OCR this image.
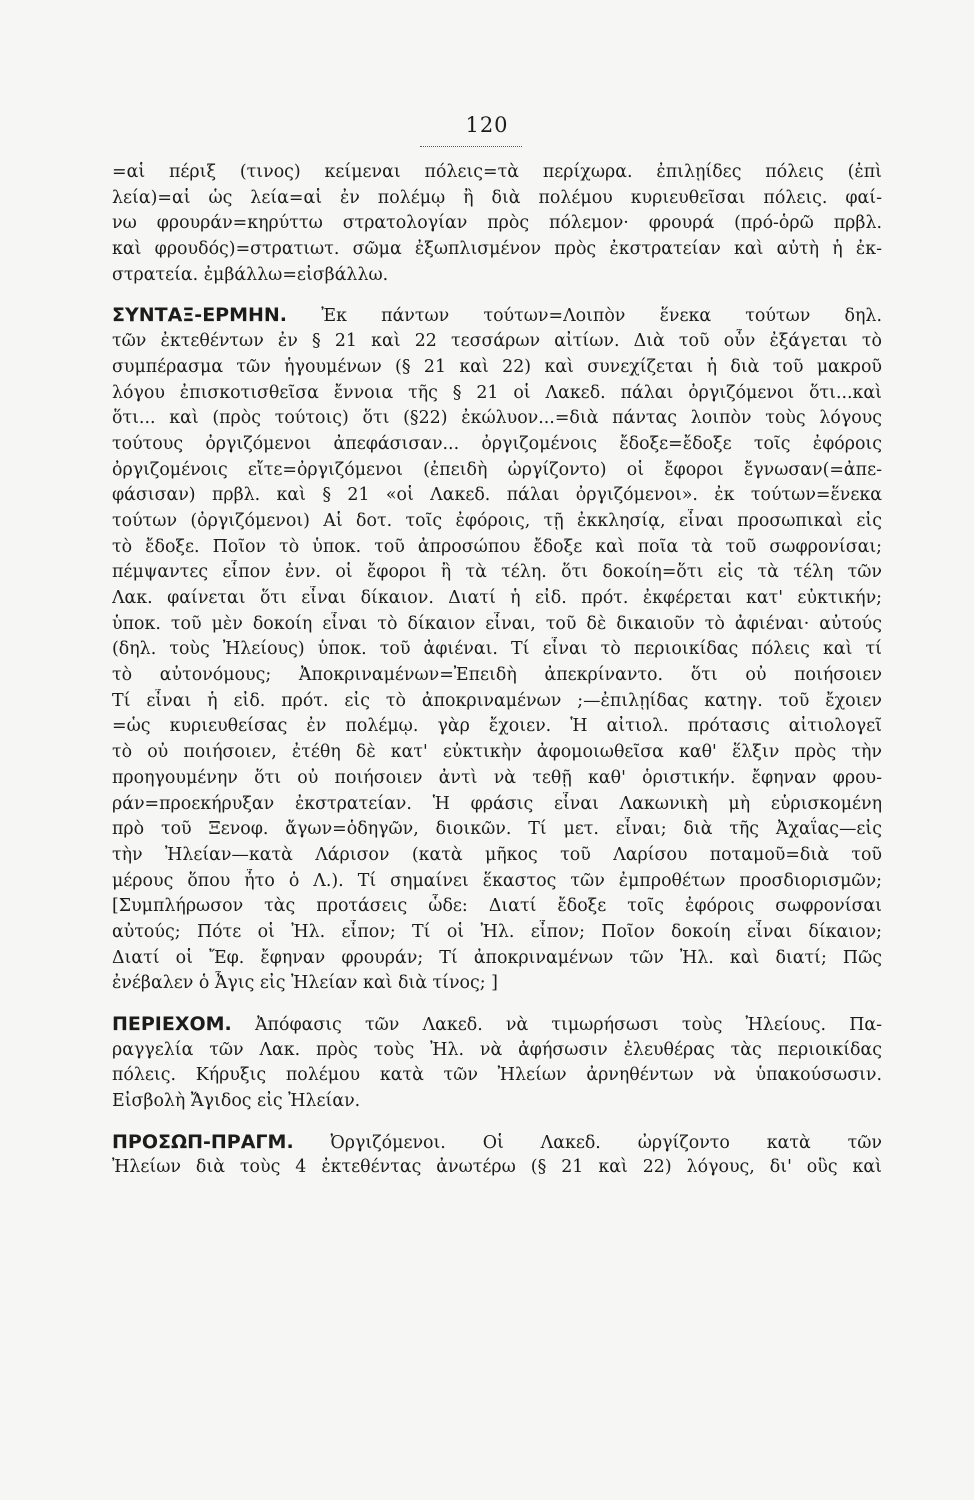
120
=αἱ πέριξ (τινος) κείμεναι πόλεις=τὰ περίχωρα. ἐπιλῃίδες πόλεις (ἐπὶ
λεία)=αἱ ὡς λεία=αἱ ἐν πολέμῳ ἢ διὰ πολέμου κυριευθεῖσαι πόλεις. φαί-
νω φρουράν=κηρύττω στρατολογίαν πρὸς πόλεμον· φρουρά (πρό-ὁρῶ πρβλ.
καὶ φρουδός)=στρατιωτ. σῶμα ἐξωπλισμένον πρὸς ἐκστρατείαν καὶ αὐτὴ ἡ ἐκ-
στρατεία. ἐμβάλλω=εἰσβάλλω.
ΣΥΝΤΑΞ-ΕΡΜΗΝ. Ἐκ πάντων τούτων=Λοιπὸν ἕνεκα τούτων δηλ.
τῶν ἐκτεθέντων ἐν § 21 καὶ 22 τεσσάρων αἰτίων. Διὰ τοῦ οὖν ἐξάγεται τὸ
συμπέρασμα τῶν ἡγουμένων (§ 21 καὶ 22) καὶ συνεχίζεται ἡ διὰ τοῦ μακροῦ
λόγου ἐπισκοτισθεῖσα ἔννοια τῆς § 21 οἱ Λακεδ. πάλαι ὀργιζόμενοι ὅτι...καὶ
ὅτι... καὶ (πρὸς τούτοις) ὅτι (§22) ἐκώλυον...=διὰ πάντας λοιπὸν τοὺς λόγους
τούτους ὀργιζόμενοι ἀπεφάσισαν... ὀργιζομένοις ἔδοξε=ἔδοξε τοῖς ἐφόροις
ὀργιζομένοις εἴτε=ὀργιζόμενοι (ἐπειδὴ ὠργίζοντο) οἱ ἔφοροι ἔγνωσαν(=ἀπε-
φάσισαν) πρβλ. καὶ § 21 «οἱ Λακεδ. πάλαι ὀργιζόμενοι». ἐκ τούτων=ἕνεκα
τούτων (ὀργιζόμενοι) Αἱ δοτ. τοῖς ἐφόροις, τῇ ἐκκλησίᾳ, εἶναι προσωπικαὶ εἰς
τὸ ἔδοξε. Ποῖον τὸ ὑποκ. τοῦ ἀπροσώπου ἔδοξε καὶ ποῖα τὰ τοῦ σωφρονίσαι;
πέμψαντες εἶπον ἐνν. οἱ ἔφοροι ἢ τὰ τέλη. ὅτι δοκοίη=ὅτι εἰς τὰ τέλη τῶν
Λακ. φαίνεται ὅτι εἶναι δίκαιον. Διατί ἡ εἰδ. πρότ. ἐκφέρεται κατ' εὐκτικήν;
ὑποκ. τοῦ μὲν δοκοίη εἶναι τὸ δίκαιον εἶναι, τοῦ δὲ δικαιοῦν τὸ ἀφιέναι· αὐτούς
(δηλ. τοὺς Ἠλείους) ὑποκ. τοῦ ἀφιέναι. Τί εἶναι τὸ περιοικίδας πόλεις καὶ τί
τὸ αὐτονόμους; Ἀποκριναμένων=Ἐπειδὴ ἀπεκρίναντο. ὅτι οὐ ποιήσοιεν
Τί εἶναι ἡ εἰδ. πρότ. εἰς τὸ ἀποκριναμένων ;—ἐπιλῃίδας κατηγ. τοῦ ἔχοιεν
=ὡς κυριευθείσας ἐν πολέμῳ. γὰρ ἔχοιεν. Ἡ αἰτιολ. πρότασις αἰτιολογεῖ
τὸ οὐ ποιήσοιεν, ἐτέθη δὲ κατ' εὐκτικὴν ἀφομοιωθεῖσα καθ' ἕλξιν πρὸς τὴν
προηγουμένην ὅτι οὐ ποιήσοιεν ἀντὶ νὰ τεθῇ καθ' ὁριστικήν. ἔφηναν φρου-
ράν=προεκήρυξαν ἐκστρατείαν. Ἡ φράσις εἶναι Λακωνικὴ μὴ εὑρισκομένη
πρὸ τοῦ Ξενοφ. ἄγων=ὁδηγῶν, διοικῶν. Τί μετ. εἶναι; διὰ τῆς Ἀχαΐας—εἰς
τὴν Ἠλείαν—κατὰ Λάρισον (κατὰ μῆκος τοῦ Λαρίσου ποταμοῦ=διὰ τοῦ
μέρους ὅπου ἦτο ὁ Λ.). Τί σημαίνει ἕκαστος τῶν ἐμπροθέτων προσδιορισμῶν;
[Συμπλήρωσον τὰς προτάσεις ὧδε: Διατί ἔδοξε τοῖς ἐφόροις σωφρονίσαι
αὐτούς; Πότε οἱ Ἠλ. εἶπον; Τί οἱ Ἠλ. εἶπον; Ποῖον δοκοίη εἶναι δίκαιον;
Διατί οἱ Ἔφ. ἔφηναν φρουράν; Τί ἀποκριναμένων τῶν Ἠλ. καὶ διατί; Πῶς
ἐνέβαλεν ὁ Ἆγις εἰς Ἠλείαν καὶ διὰ τίνος; ]
ΠΕΡΙΕΧΟΜ. Ἀπόφασις τῶν Λακεδ. νὰ τιμωρήσωσι τοὺς Ἠλείους. Πα-
ραγγελία τῶν Λακ. πρὸς τοὺς Ἠλ. νὰ ἀφήσωσιν ἐλευθέρας τὰς περιοικίδας
πόλεις. Κήρυξις πολέμου κατὰ τῶν Ἠλείων ἀρνηθέντων νὰ ὑπακούσωσιν.
Εἰσβολὴ Ἄγιδος εἰς Ἠλείαν.
ΠΡΟΣΩΠ-ΠΡΑΓΜ. Ὀργιζόμενοι. Οἱ Λακεδ. ὠργίζοντο κατὰ τῶν
Ἠλείων διὰ τοὺς 4 ἐκτεθέντας ἀνωτέρω (§ 21 καὶ 22) λόγους, δι' οὓς καὶ
